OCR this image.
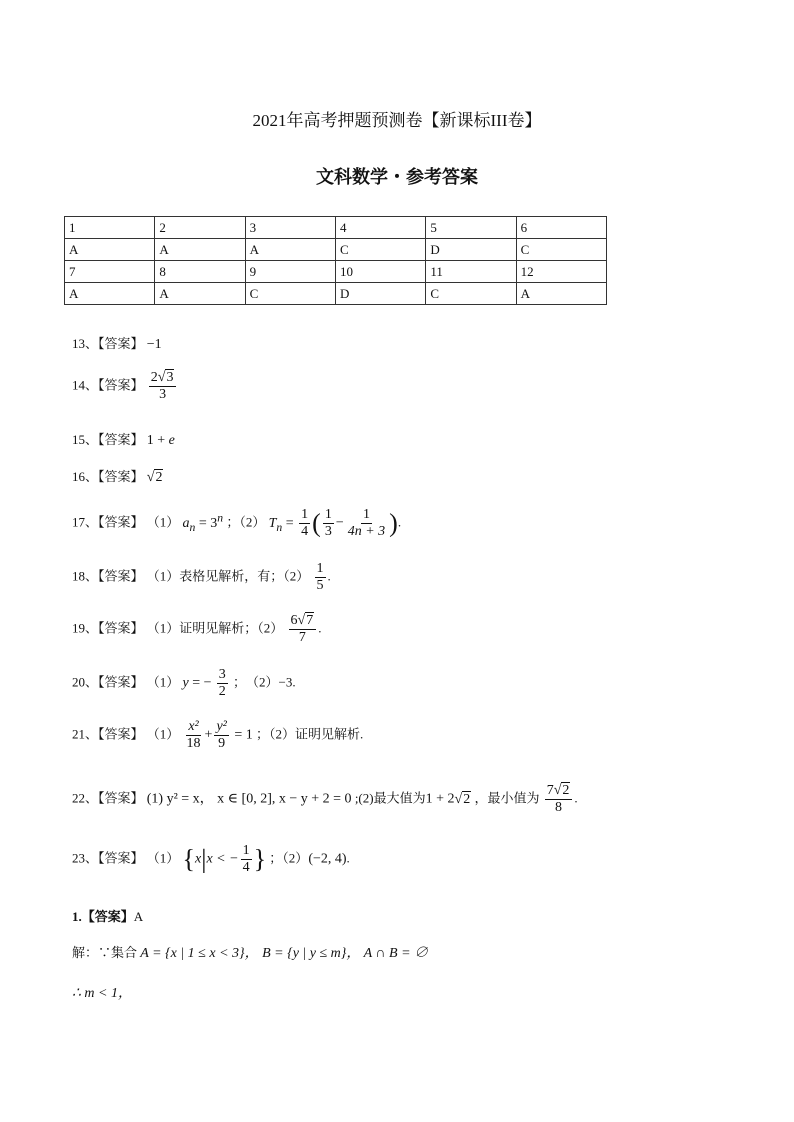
2021年高考押题预测卷【新课标III卷】
文科数学・参考答案
1	2	3	4	5	6
A	A	A	C	D	C
7	8	9	10	11	12
A	A	C	D	C	A
13、【答案】 −1
14、【答案】 $\frac{2√3}{3}$
15、【答案】 1 + e
16、【答案】 √2
17、【答案】 （1） $a_n = 3^n$ ；（2） $T_n = \frac{1}{4}$ ( $\frac{1}{3} - \frac{1}{4n + 3}$ ).
18、【答案】 （1）表格见解析，有；$(2) \frac{1}{5}$ .
19、【答案】 （1）证明见解析；$(2) \frac{6√7}{7}$ .
20、【答案】 （1） y = − $\frac{3}{2}$ ；　（2）−3.
21、【答案】 $(1) \frac{\text{x²}}{18} + \frac{\text{y²}}{9} = 1$ ；（2）证明见解析.
22、【答案】 (1) y² = x， x ∈ [0, 2], x − y + 2 = 0 ;(2)最大值为1 + 2√2 ，最小值为 $\frac{7√2}{8}$ .
23、【答案】 （1） {x|x < − $\frac{1}{4}$ } ；（2）(−2, 4).
1.【答案】A
解：∵集合 A = {x | 1 ≤ x < 3}， B = {y | y ≤ m}， A ∩ B = ∅
∴ m < 1，
